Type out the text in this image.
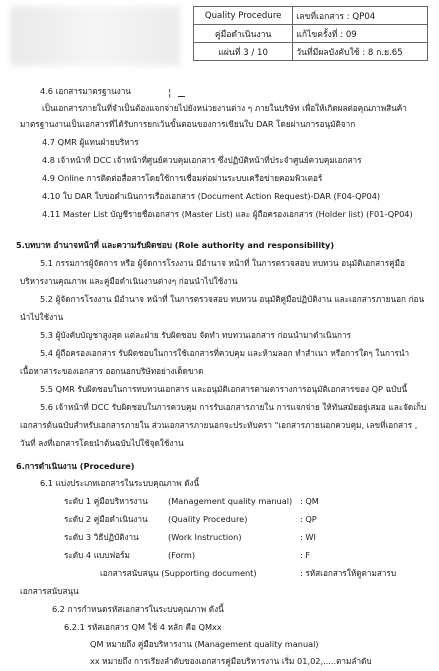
Quality Procedure	เลขที่เอกสาร : QP04
คู่มือดำเนินงาน	แก้ไขครั้งที่ : 09
แผ่นที่ 3 / 10	วันที่มีผลบังคับใช้ : 8 ก.ย.65
¦
4.6 เอกสารมาตรฐานงาน
เป็นเอกสารภายในที่จำเป็นต้องแจกจ่ายไปยังหน่วยงานต่าง ๆ ภายในบริษัท เพื่อให้เกิดผลต่อคุณภาพสินค้า
มาตรฐานงานเป็นเอกสารที่ได้รับการยกเว้นขั้นตอนของการเขียนใบ DAR โดยผ่านการอนุมัติจาก
4.7 QMR ผู้แทนฝ่ายบริหาร
4.8 เจ้าหน้าที่ DCC เจ้าหน้าที่ศูนย์ควบคุมเอกสาร ซึ่งปฏิบัติหน้าที่ประจำศูนย์ควบคุมเอกสาร
4.9 Online การติดต่อสื่อสารโดยใช้การเชื่อมต่อผ่านระบบเครือข่ายคอมพิวเตอร์
4.10 ใบ DAR ใบขอดำเนินการเรื่องเอกสาร (Document Action Request)-DAR (F04-QP04)
4.11 Master List บัญชีรายชื่อเอกสาร (Master List) และ ผู้ถือครองเอกสาร (Holder list) (F01-QP04)
5.บทบาท อำนาจหน้าที่ และความรับผิดชอบ (Role authority and responsibility)
5.1 กรรมการผู้จัดการ หรือ ผู้จัดการโรงงาน มีอำนาจ หน้าที่ ในการตรวจสอบ ทบทวน อนุมัติเอกสารคู่มือ
บริหารงานคุณภาพ และคู่มือดำเนินงานต่างๆ ก่อนนำไปใช้งาน
5.2 ผู้จัดการโรงงาน มีอำนาจ หน้าที่ ในการตรวจสอบ ทบทวน อนุมัติคู่มือปฏิบัติงาน และเอกสารภายนอก ก่อน
นำไปใช้งาน
5.3 ผู้บังคับบัญชาสูงสุด แต่ละฝ่าย รับผิดชอบ จัดทำ ทบทวนเอกสาร ก่อนนำมาดำเนินการ
5.4 ผู้ถือครองเอกสาร รับผิดชอบในการใช้เอกสารที่ควบคุม และห้ามลอก ทำสำเนา หรือการใดๆ ในการนำ
เนื้อหาสาระของเอกสาร ออกนอกบริษัทอย่างเด็ดขาด
5.5 QMR รับผิดชอบในการทบทวนเอกสาร และอนุมัติเอกสารตามตารางการอนุมัติเอกสารของ QP ฉบับนี้
5.6 เจ้าหน้าที่ DCC รับผิดชอบในการควบคุม การรับเอกสารภายใน การแจกจ่าย ให้ทันสมัยอยู่เสมอ และจัดเก็บ
เอกสารต้นฉบับสำหรับเอกสารภายใน ส่วนเอกสารภายนอกจะประทับตรา "เอกสารภายนอกควบคุม, เลขที่เอกสาร ,
วันที่ ลงที่เอกสารโดยนำต้นฉบับไปใช้จุดใช้งาน
6.การดำเนินงาน (Procedure)
6.1 แบ่งประเภทเอกสารในระบบคุณภาพ ดังนี้
ระดับ 1 คู่มือบริหารงาน (Management quality manual) : QM
ระดับ 2 คู่มือดำเนินงาน (Quality Procedure)	: QP
ระดับ 3 วิธีปฏิบัติงาน	(Work Instruction)	: WI
ระดับ 4 แบบฟอร์ม	(Form)	: F
เอกสารสนับสนุน (Supporting document)	: รหัสเอกสารให้ดูตามสารบ
เอกสารสนับสนุน
6.2 การกำหนดรหัสเอกสารในระบบคุณภาพ ดังนี้
6.2.1 รหัสเอกสาร QM ใช้ 4 หลัก คือ QMxx
QM หมายถึง คู่มือบริหารงาน (Management quality manual)
xx หมายถึง การเรียงลำดับของเอกสารคู่มือบริหารงาน เริ่ม 01,02,.....ตามลำดับ
